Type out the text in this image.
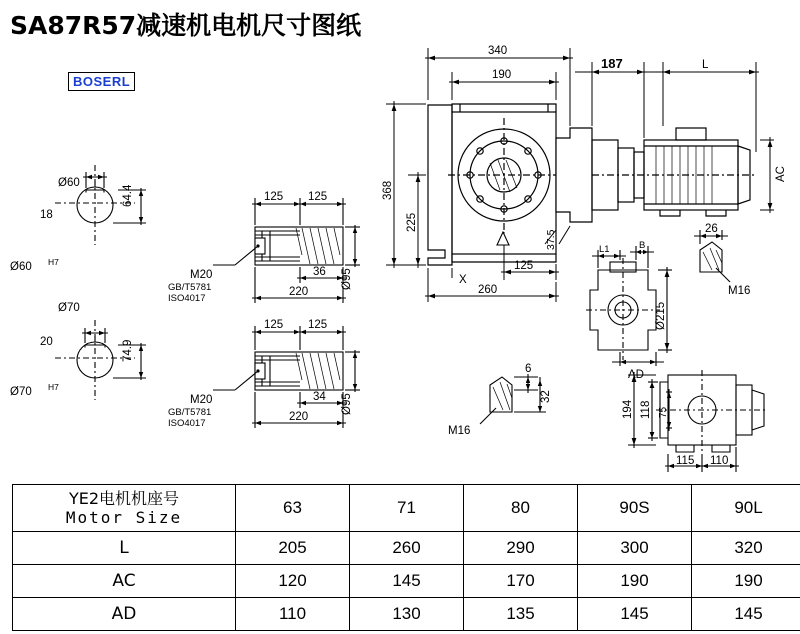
SA87R57减速机电机尺寸图纸
BOSERL
Ø60
18
64.4
Ø60 H7
Ø70
20	74.9
Ø70 H7
125 125
36
220
Ø95
M20
GB/T5781
ISO4017
125 125
34
220
Ø95
M20
GB/T5781
ISO4017
340
190
187	L
368
225
125
260
37.5
X
AC
L1	B
Ø215
26
M16
AD
6
32
M16
194 118 75
115 110
YE2电机机座号
Motor Size	63	71	80	90S	90L
L	205	260	290	300	320
AC	120	145	170	190	190
AD	110	130	135	145	145
